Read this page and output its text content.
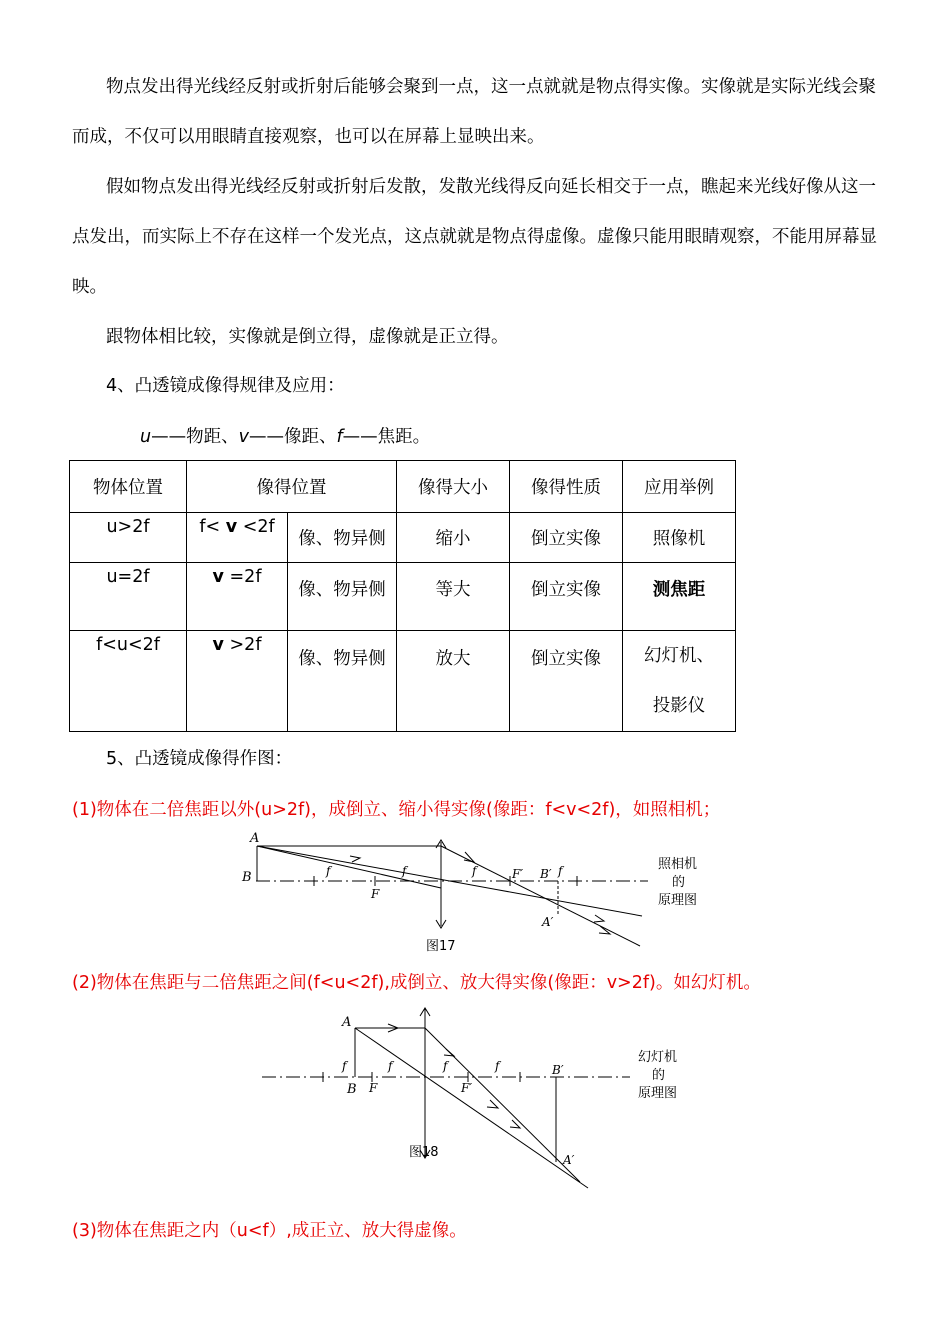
物点发出得光线经反射或折射后能够会聚到一点，这一点就就是物点得实像。实像就是实际光线会聚而成，不仅可以用眼睛直接观察，也可以在屏幕上显映出来。

假如物点发出得光线经反射或折射后发散，发散光线得反向延长相交于一点，瞧起来光线好像从这一点发出，而实际上不存在这样一个发光点，这点就就是物点得虚像。虚像只能用眼睛观察，不能用屏幕显映。

跟物体相比较，实像就是倒立得，虚像就是正立得。

4、凸透镜成像得规律及应用：
u——物距、v——像距、f——焦距。
物体位置	像得位置		像得大小	像得性质	应用举例
u>2f	f< v <2f	像、物异侧	缩小	倒立实像	照像机
u=2f	v =2f	像、物异侧	等大	倒立实像	测焦距
f<u<2f	v >2f	像、物异侧	放大	倒立实像	幻灯机、
投影仪
5、凸透镜成像得作图：
(1)物体在二倍焦距以外(u>2f)，成倒立、缩小得实像(像距：f<v<2f)，如照相机；
A
B
F
f	f	f	F′ B′ f
A′
照相机
的
原理图
图17
(2)物体在焦距与二倍焦距之间(f<u<2f),成倒立、放大得实像(像距：v>2f)。如幻灯机。
A
B F
f	f	f
F′
f	B′
A′
幻灯机
的
原理图
图18
(3)物体在焦距之内（u<f）,成正立、放大得虚像。
